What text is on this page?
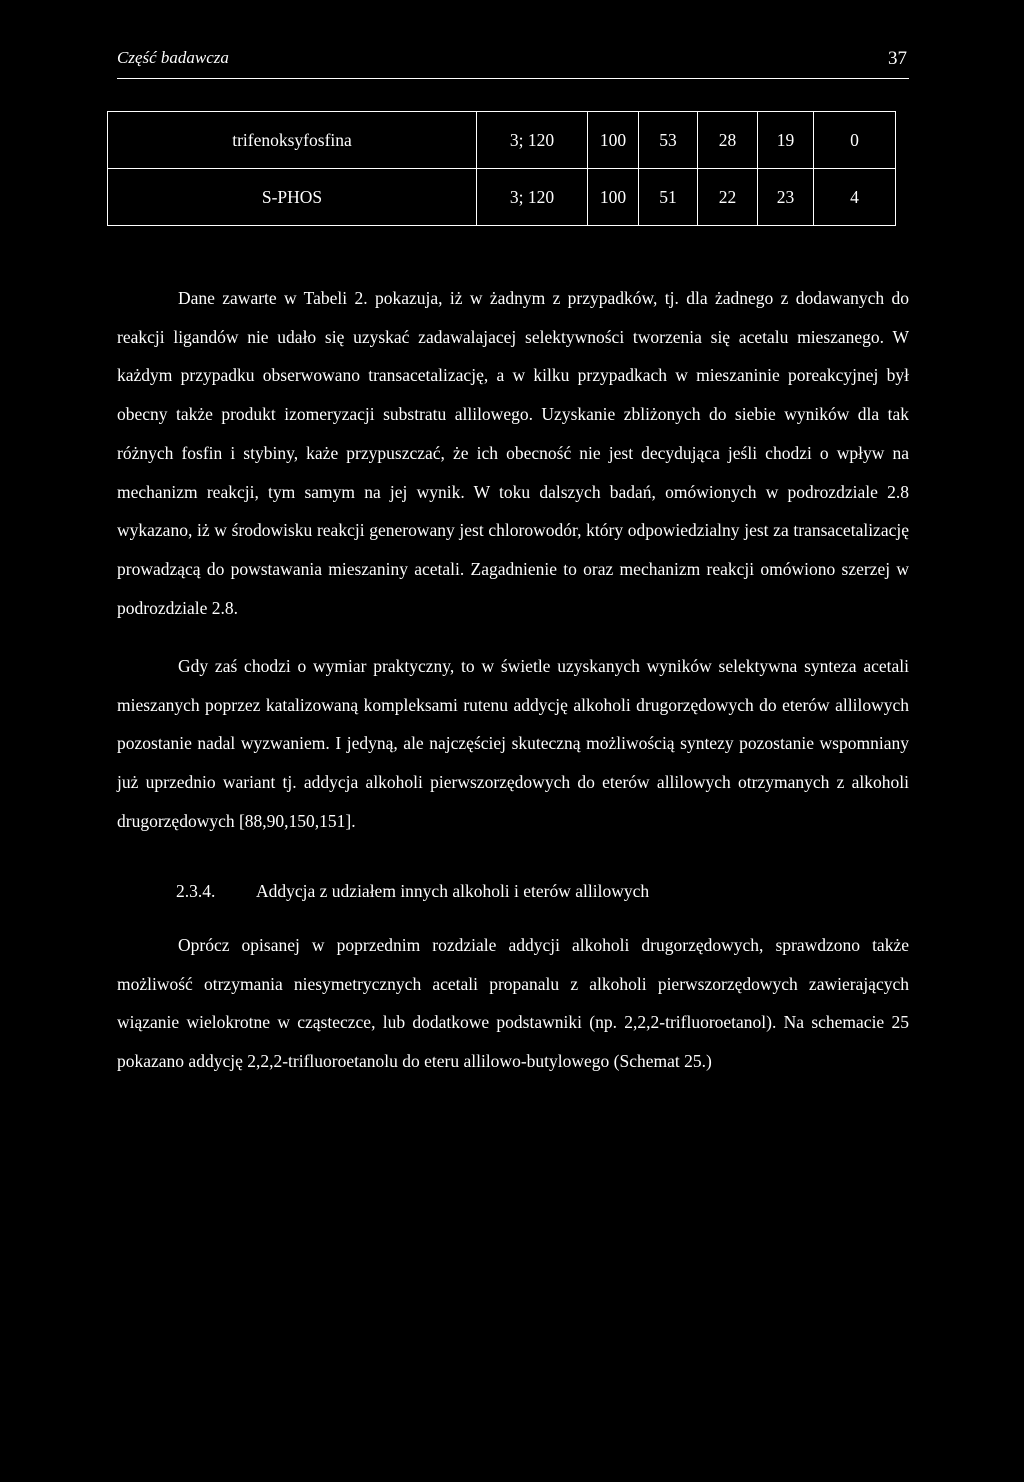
Część badawcza	37
trifenoksyfosfina	3; 120	100	53	28	19	0
S-PHOS	3; 120	100	51	22	23	4

Dane zawarte w Tabeli 2. pokazuja, iż w żadnym z przypadków, tj. dla żadnego z dodawanych do reakcji ligandów nie udało się uzyskać zadawalajacej selektywności tworzenia się acetalu mieszanego. W każdym przypadku obserwowano transacetalizację, a w kilku przypadkach w mieszaninie poreakcyjnej był obecny także produkt izomeryzacji substratu allilowego. Uzyskanie zbliżonych do siebie wyników dla tak różnych fosfin i stybiny, każe przypuszczać, że ich obecność nie jest decydująca jeśli chodzi o wpływ na mechanizm reakcji, tym samym na jej wynik. W toku dalszych badań, omówionych w podrozdziale 2.8 wykazano, iż w środowisku reakcji generowany jest chlorowodór, który odpowiedzialny jest za transacetalizację prowadzącą do powstawania mieszaniny acetali. Zagadnienie to oraz mechanizm reakcji omówiono szerzej w podrozdziale 2.8.

Gdy zaś chodzi o wymiar praktyczny, to w świetle uzyskanych wyników selektywna synteza acetali mieszanych poprzez katalizowaną kompleksami rutenu addycję alkoholi drugorzędowych do eterów allilowych pozostanie nadal wyzwaniem. I jedyną, ale najczęściej skuteczną możliwością syntezy pozostanie wspomniany już uprzednio wariant tj. addycja alkoholi pierwszorzędowych do eterów allilowych otrzymanych z alkoholi drugorzędowych [88,90,150,151].

2.3.4. Addycja z udziałem innych alkoholi i eterów allilowych

Oprócz opisanej w poprzednim rozdziale addycji alkoholi drugorzędowych, sprawdzono także możliwość otrzymania niesymetrycznych acetali propanalu z alkoholi pierwszorzędowych zawierających wiązanie wielokrotne w cząsteczce, lub dodatkowe podstawniki (np. 2,2,2-trifluoroetanol). Na schemacie 25 pokazano addycję 2,2,2-trifluoroetanolu do eteru allilowo-butylowego (Schemat 25.)
